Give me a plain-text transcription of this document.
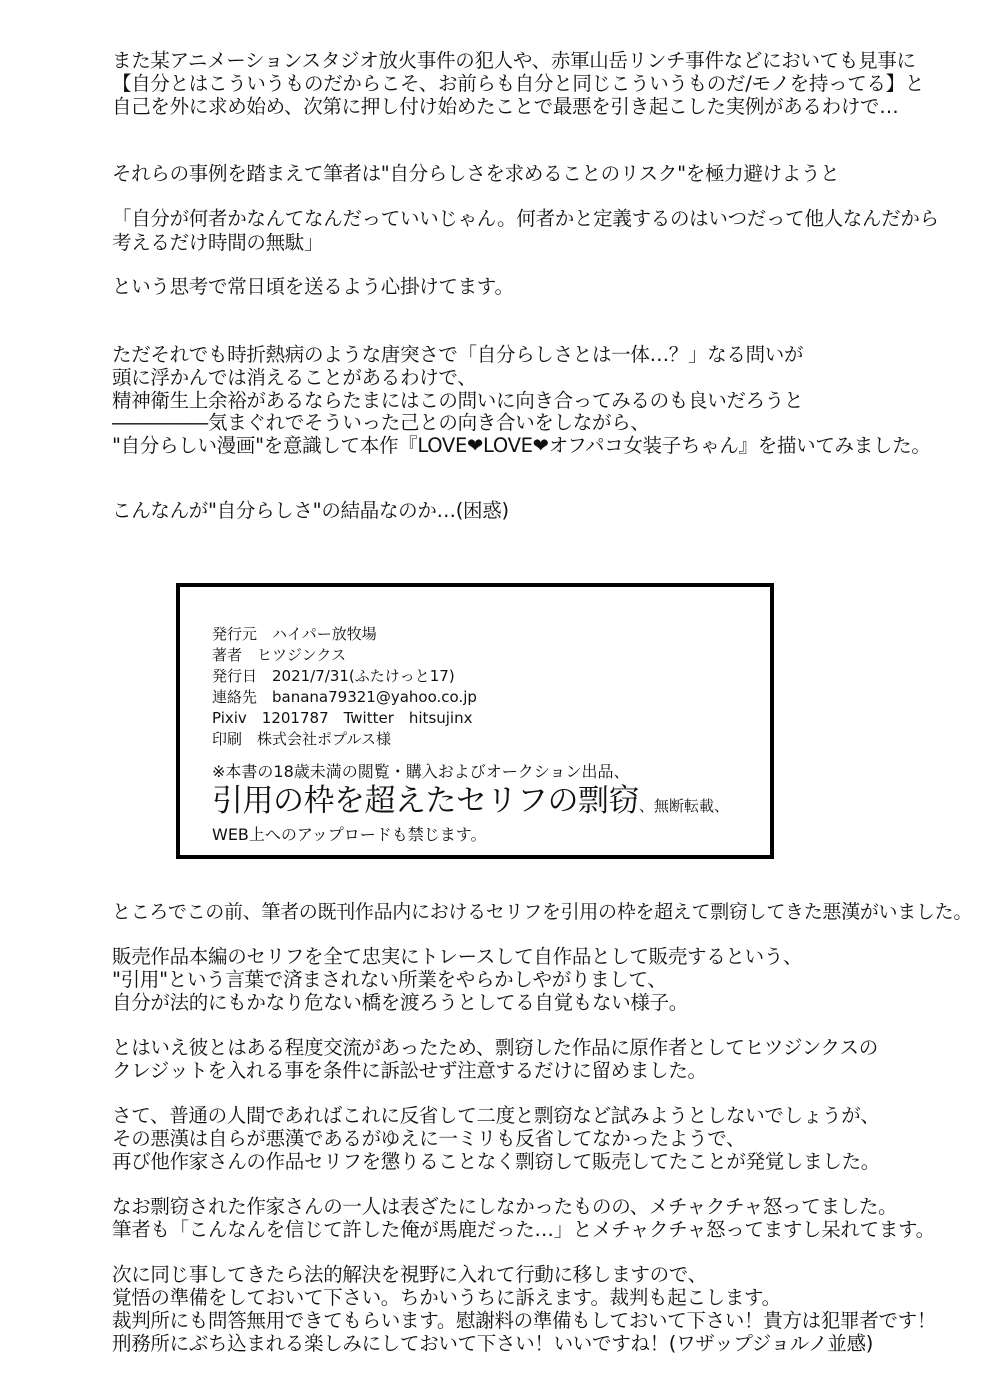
また某アニメーションスタジオ放火事件の犯人や、赤軍山岳リンチ事件などにおいても見事に
【自分とはこういうものだからこそ、お前らも自分と同じこういうものだ/モノを持ってる】と
自己を外に求め始め、次第に押し付け始めたことで最悪を引き起こした実例があるわけで…
それらの事例を踏まえて筆者は"自分らしさを求めることのリスク"を極力避けようと
「自分が何者かなんてなんだっていいじゃん。何者かと定義するのはいつだって他人なんだから
考えるだけ時間の無駄」
という思考で常日頃を送るよう心掛けてます。
ただそれでも時折熱病のような唐突さで「自分らしさとは一体…？」なる問いが
頭に浮かんでは消えることがあるわけで、
精神衛生上余裕があるならたまにはこの問いに向き合ってみるのも良いだろうと
―――――気まぐれでそういった己との向き合いをしながら、
"自分らしい漫画"を意識して本作『LOVE❤LOVE❤オフパコ女装子ちゃん』を描いてみました。
こんなんが"自分らしさ"の結晶なのか…(困惑)
発行元　ハイパー放牧場
著者　ヒツジンクス
発行日　2021/7/31(ふたけっと17)
連絡先　banana79321@yahoo.co.jp
Pixiv　1201787　Twitter　hitsujinx
印刷　株式会社ポプルス様
※本書の18歳未満の閲覧・購入およびオークション出品、
引用の枠を超えたセリフの剽窃、無断転載、
WEB上へのアップロードも禁じます。
ところでこの前、筆者の既刊作品内におけるセリフを引用の枠を超えて剽窃してきた悪漢がいました。
販売作品本編のセリフを全て忠実にトレースして自作品として販売するという、
"引用"という言葉で済まされない所業をやらかしやがりまして、
自分が法的にもかなり危ない橋を渡ろうとしてる自覚もない様子。
とはいえ彼とはある程度交流があったため、剽窃した作品に原作者としてヒツジンクスの
クレジットを入れる事を条件に訴訟せず注意するだけに留めました。
さて、普通の人間であればこれに反省して二度と剽窃など試みようとしないでしょうが、
その悪漢は自らが悪漢であるがゆえに一ミリも反省してなかったようで、
再び他作家さんの作品セリフを懲りることなく剽窃して販売してたことが発覚しました。
なお剽窃された作家さんの一人は表ざたにしなかったものの、メチャクチャ怒ってました。
筆者も「こんなんを信じて許した俺が馬鹿だった…」とメチャクチャ怒ってますし呆れてます。
次に同じ事してきたら法的解決を視野に入れて行動に移しますので、
覚悟の準備をしておいて下さい。ちかいうちに訴えます。裁判も起こします。
裁判所にも問答無用できてもらいます。慰謝料の準備もしておいて下さい！貴方は犯罪者です！
刑務所にぶち込まれる楽しみにしておいて下さい！いいですね！(ワザップジョルノ並感)
